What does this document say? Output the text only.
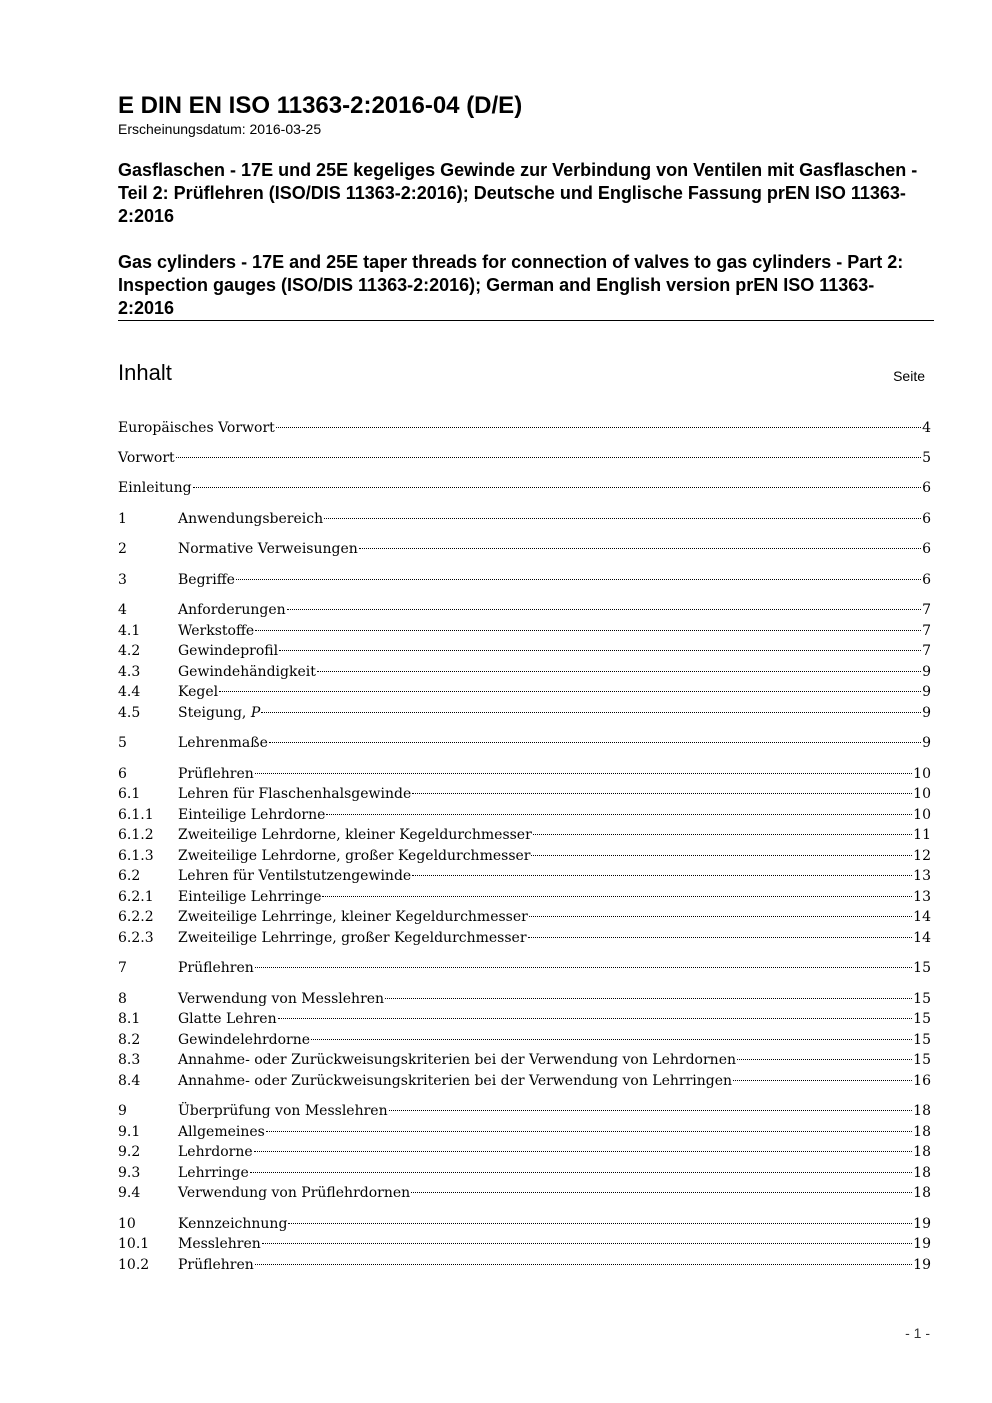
E DIN EN ISO 11363-2:2016-04 (D/E)
Erscheinungsdatum: 2016-03-25
Gasflaschen - 17E und 25E kegeliges Gewinde zur Verbindung von Ventilen mit Gasflaschen - Teil 2: Prüflehren (ISO/DIS 11363-2:2016); Deutsche und Englische Fassung prEN ISO 11363-2:2016
Gas cylinders - 17E and 25E taper threads for connection of valves to gas cylinders - Part 2: Inspection gauges (ISO/DIS 11363-2:2016); German and English version prEN ISO 11363-2:2016
Inhalt	Seite
Europäisches Vorwort	4
Vorwort	5
Einleitung	6
1	Anwendungsbereich	6
2	Normative Verweisungen	6
3	Begriffe	6
4	Anforderungen	7
4.1	Werkstoffe	7
4.2	Gewindeprofil	7
4.3	Gewindehändigkeit	9
4.4	Kegel	9
4.5	Steigung, P	9
5	Lehrenmaße	9
6	Prüflehren	10
6.1	Lehren für Flaschenhalsgewinde	10
6.1.1	Einteilige Lehrdorne	10
6.1.2	Zweiteilige Lehrdorne, kleiner Kegeldurchmesser	11
6.1.3	Zweiteilige Lehrdorne, großer Kegeldurchmesser	12
6.2	Lehren für Ventilstutzengewinde	13
6.2.1	Einteilige Lehrringe	13
6.2.2	Zweiteilige Lehrringe, kleiner Kegeldurchmesser	14
6.2.3	Zweiteilige Lehrringe, großer Kegeldurchmesser	14
7	Prüflehren	15
8	Verwendung von Messlehren	15
8.1	Glatte Lehren	15
8.2	Gewindelehrdorne	15
8.3	Annahme- oder Zurückweisungskriterien bei der Verwendung von Lehrdornen	15
8.4	Annahme- oder Zurückweisungskriterien bei der Verwendung von Lehrringen	16
9	Überprüfung von Messlehren	18
9.1	Allgemeines	18
9.2	Lehrdorne	18
9.3	Lehrringe	18
9.4	Verwendung von Prüflehrdornen	18
10	Kennzeichnung	19
10.1	Messlehren	19
10.2	Prüflehren	19
- 1 -
